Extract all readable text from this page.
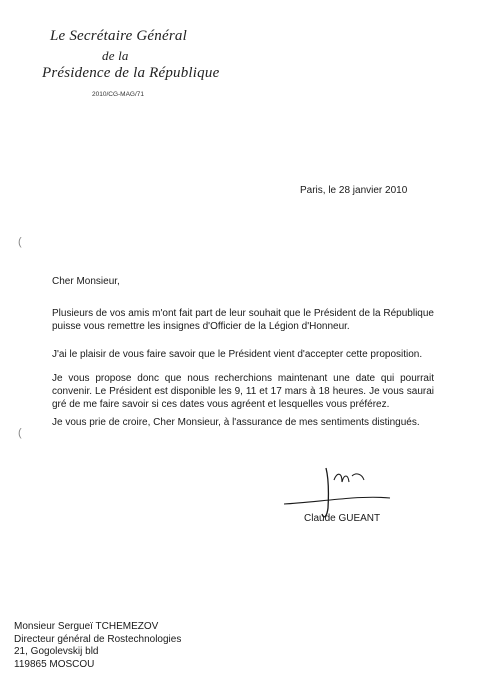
Le Secrétaire Général
de la
Présidence de la République
2010/CG-MAG/71
Paris, le 28 janvier 2010
(
(
Cher Monsieur,
Plusieurs de vos amis m'ont fait part de leur souhait que le Président de la République puisse vous remettre les insignes d'Officier de la Légion d'Honneur.
J'ai le plaisir de vous faire savoir que le Président vient d'accepter cette proposition.
Je vous propose donc que nous recherchions maintenant une date qui pourrait convenir. Le Président est disponible les 9, 11 et 17 mars à 18 heures. Je vous saurai gré de me faire savoir si ces dates vous agréent et lesquelles vous préférez.
Je vous prie de croire, Cher Monsieur, à l'assurance de mes sentiments distingués.
Claude GUEANT
Monsieur Sergueï TCHEMEZOV
Directeur général de Rostechnologies
21, Gogolevskij bld
119865 MOSCOU
